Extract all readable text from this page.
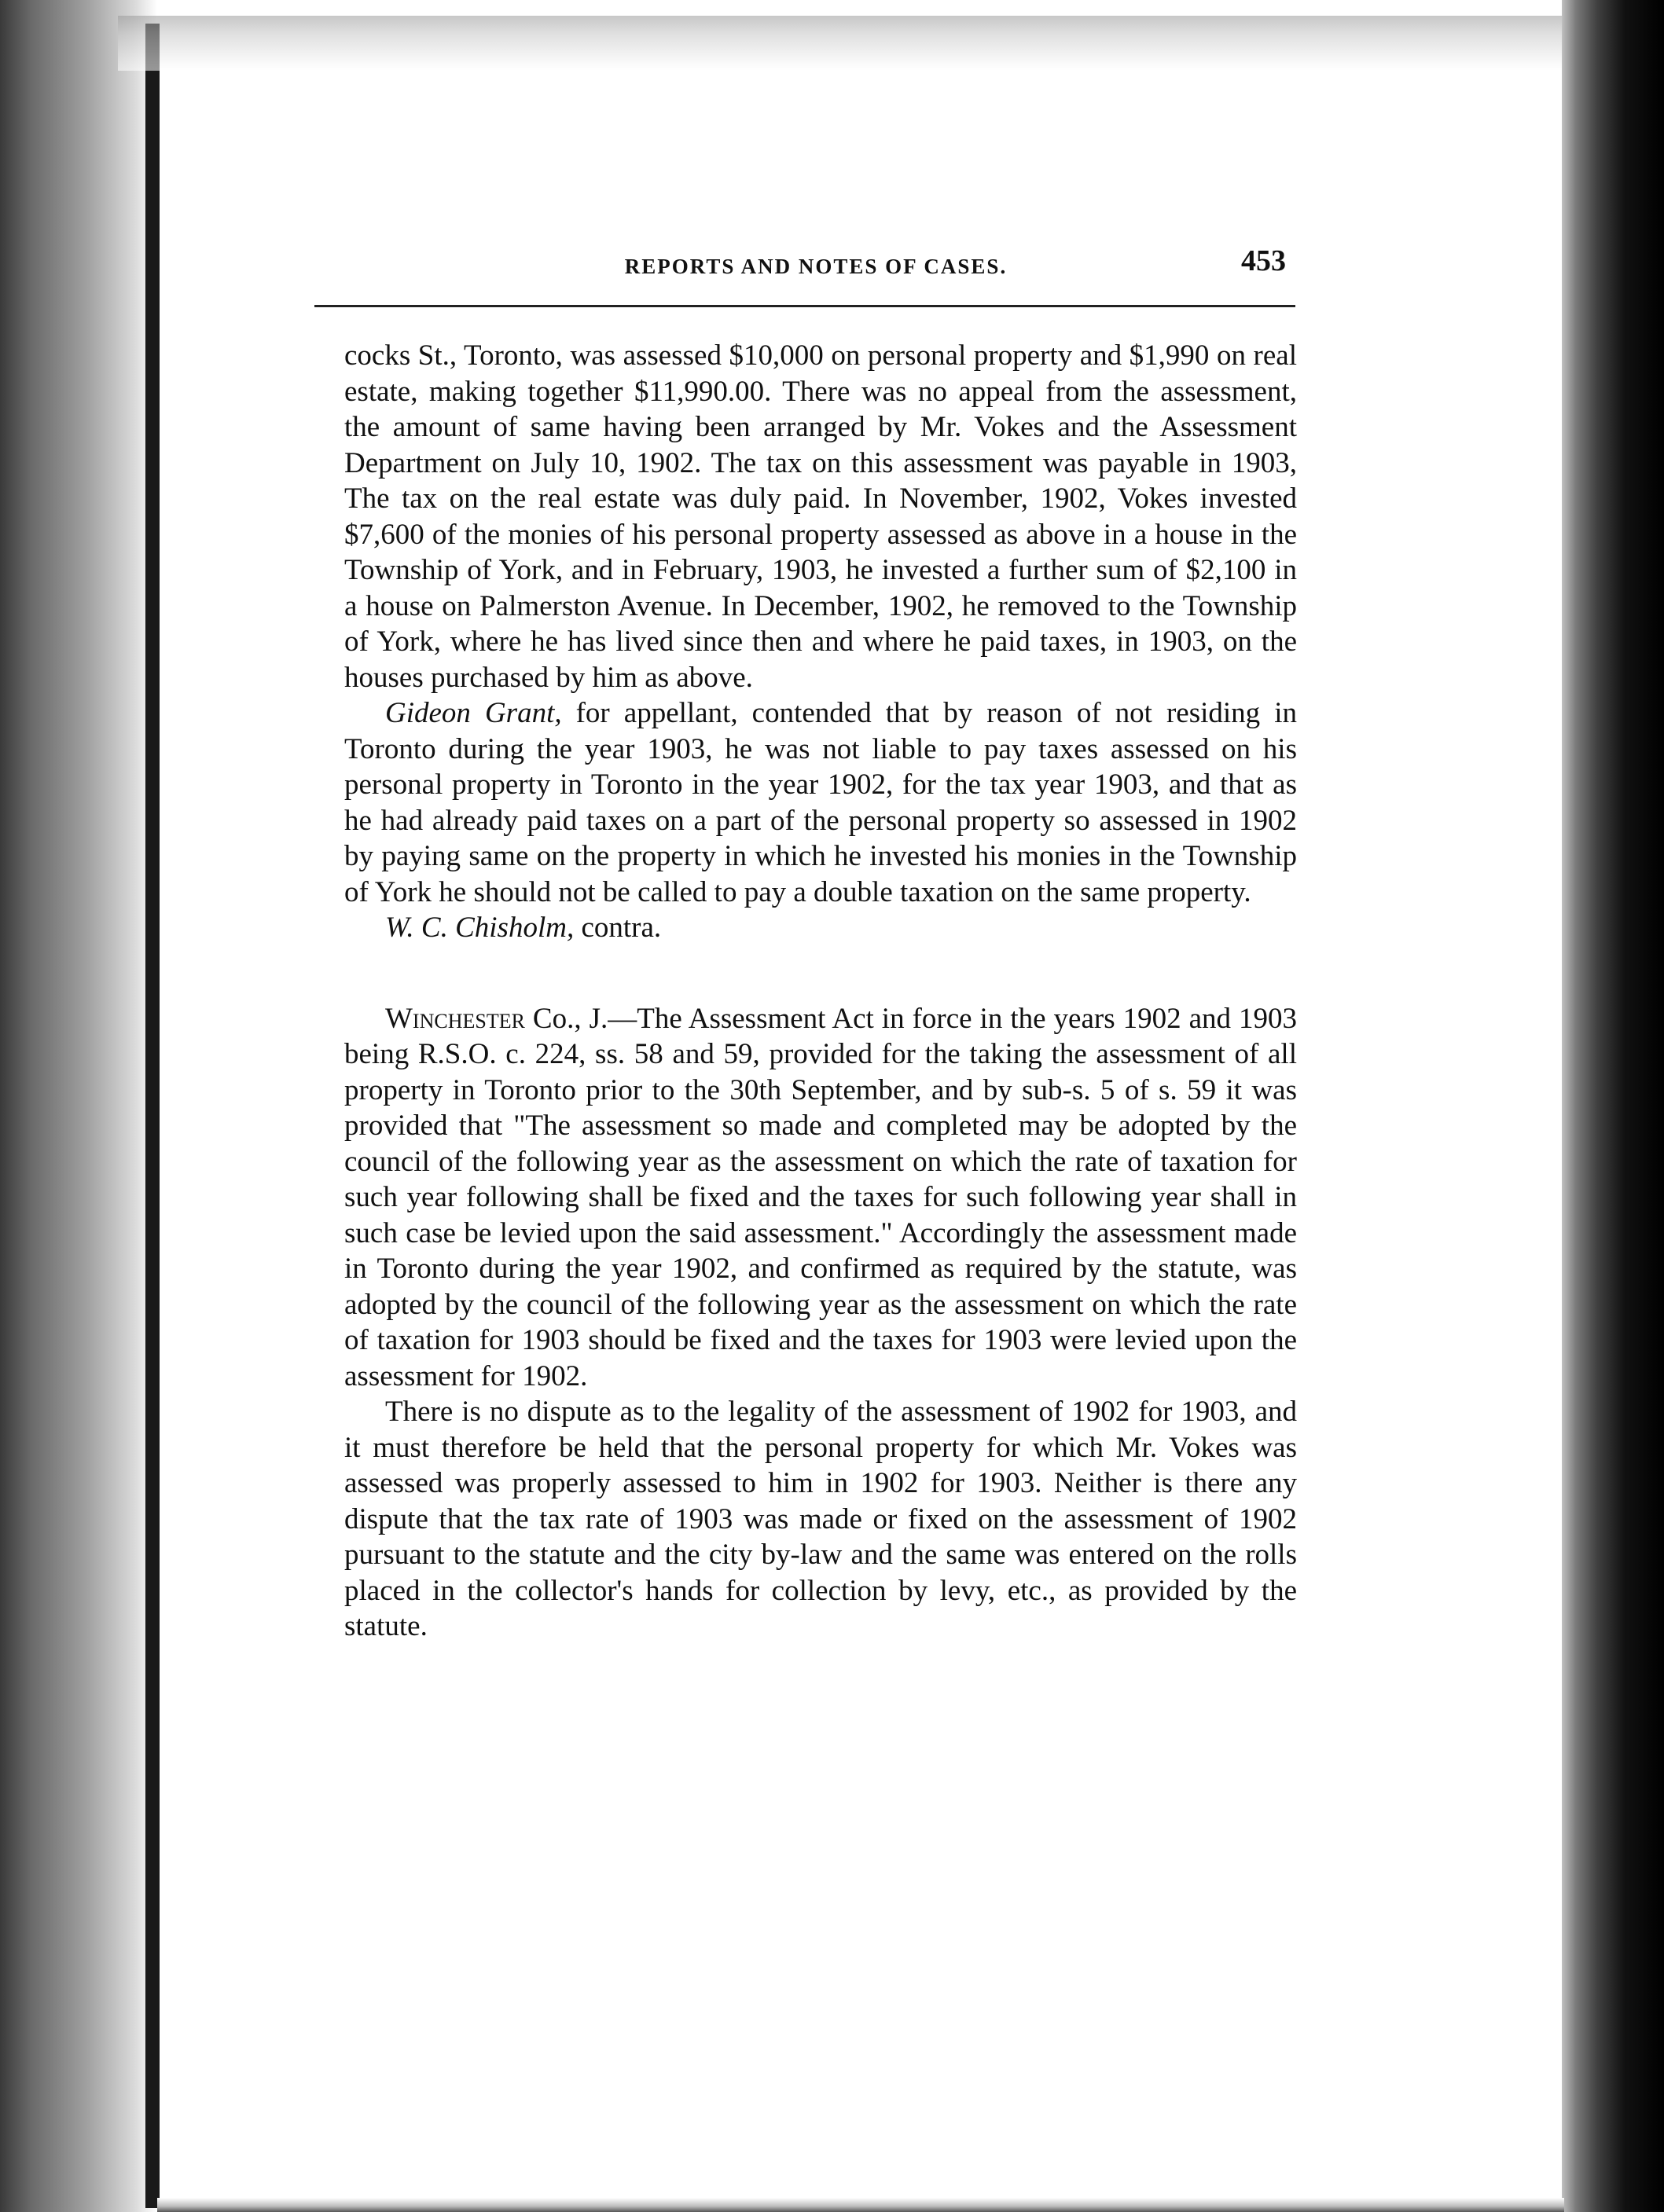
REPORTS AND NOTES OF CASES.	453

cocks St., Toronto, was assessed $10,000 on personal property and $1,990 on real estate, making together $11,990.00. There was no appeal from the assessment, the amount of same having been arranged by Mr. Vokes and the Assessment Department on July 10, 1902. The tax on this assessment was payable in 1903, The tax on the real estate was duly paid. In November, 1902, Vokes invested $7,600 of the monies of his personal property assessed as above in a house in the Township of York, and in February, 1903, he invested a further sum of $2,100 in a house on Palmerston Avenue. In December, 1902, he removed to the Township of York, where he has lived since then and where he paid taxes, in 1903, on the houses purchased by him as above.

Gideon Grant, for appellant, contended that by reason of not residing in Toronto during the year 1903, he was not liable to pay taxes assessed on his personal property in Toronto in the year 1902, for the tax year 1903, and that as he had already paid taxes on a part of the personal property so assessed in 1902 by paying same on the property in which he invested his monies in the Township of York he should not be called to pay a double taxation on the same property.

W. C. Chisholm, contra.

Winchester Co., J.—The Assessment Act in force in the years 1902 and 1903 being R.S.O. c. 224, ss. 58 and 59, provided for the taking the assessment of all property in Toronto prior to the 30th September, and by sub-s. 5 of s. 59 it was provided that "The assessment so made and completed may be adopted by the council of the following year as the assessment on which the rate of taxation for such year following shall be fixed and the taxes for such following year shall in such case be levied upon the said assessment." Accordingly the assessment made in Toronto during the year 1902, and confirmed as required by the statute, was adopted by the council of the following year as the assessment on which the rate of taxation for 1903 should be fixed and the taxes for 1903 were levied upon the assessment for 1902.

There is no dispute as to the legality of the assessment of 1902 for 1903, and it must therefore be held that the personal property for which Mr. Vokes was assessed was properly assessed to him in 1902 for 1903. Neither is there any dispute that the tax rate of 1903 was made or fixed on the assessment of 1902 pursuant to the statute and the city by-law and the same was entered on the rolls placed in the collector's hands for collection by levy, etc., as provided by the statute.
